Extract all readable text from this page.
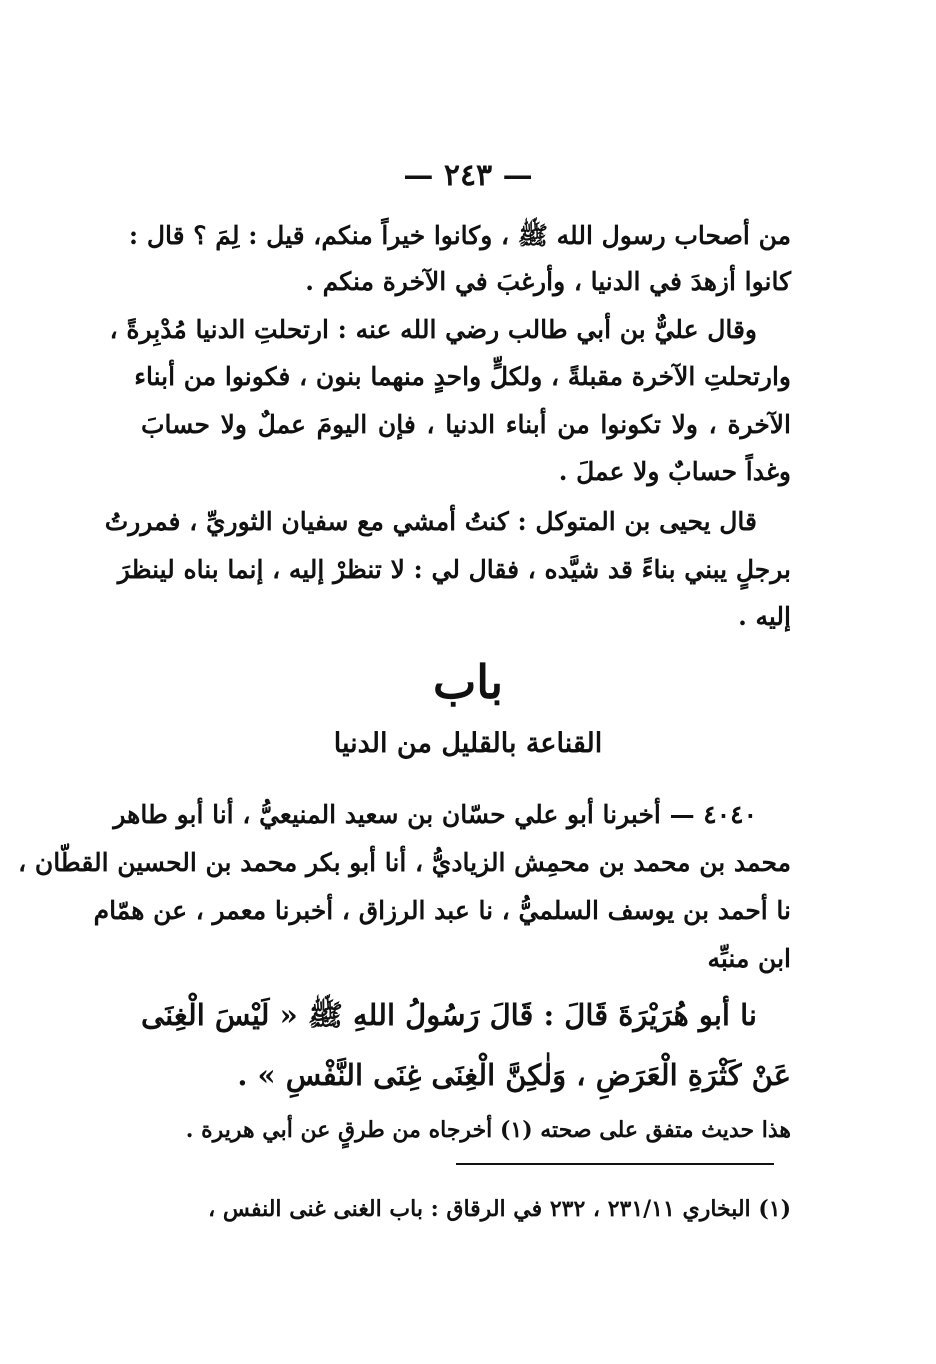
— ٢٤٣ —
من أصحاب رسول الله ﷺ ، وكانوا خيراً منكم، قيل : لِمَ ؟ قال :
كانوا أزهدَ في الدنيا ، وأرغبَ في الآخرة منكم .
وقال عليٌّ بن أبي طالب رضي الله عنه : ارتحلتِ الدنيا مُدْبِرةً ،
وارتحلتِ الآخرة مقبلةً ، ولكلٍّ واحدٍ منهما بنون ، فكونوا من أبناء
الآخرة ، ولا تكونوا من أبناء الدنيا ، فإن اليومَ عملٌ ولا حسابَ
وغداً حسابٌ ولا عملَ .
قال يحيى بن المتوكل : كنتُ أمشي مع سفيان الثوريِّ ، فمررتُ
برجلٍ يبني بناءً قد شيَّده ، فقال لي : لا تنظرْ إليه ، إنما بناه لينظرَ
إليه .
باب
القناعة بالقليل من الدنيا
٤٠٤٠ — أخبرنا أبو علي حسّان بن سعيد المنيعيُّ ، أنا أبو طاهر
محمد بن محمد بن محمِش الزياديُّ ، أنا أبو بكر محمد بن الحسين القطّان ،
نا أحمد بن يوسف السلميُّ ، نا عبد الرزاق ، أخبرنا معمر ، عن همّام
ابن منبِّه
نا أبو هُرَيْرَةَ قَالَ : قَالَ رَسُولُ اللهِ ﷺ « لَيْسَ الْغِنَى
عَنْ كَثْرَةِ الْعَرَضِ ، وَلٰكِنَّ الْغِنَى غِنَى النَّفْسِ » .
هذا حديث متفق على صحته (١) أخرجاه من طرقٍ عن أبي هريرة .
(١) البخاري ٢٣١/١١ ، ٢٣٢ في الرقاق : باب الغنى غنى النفس ،
